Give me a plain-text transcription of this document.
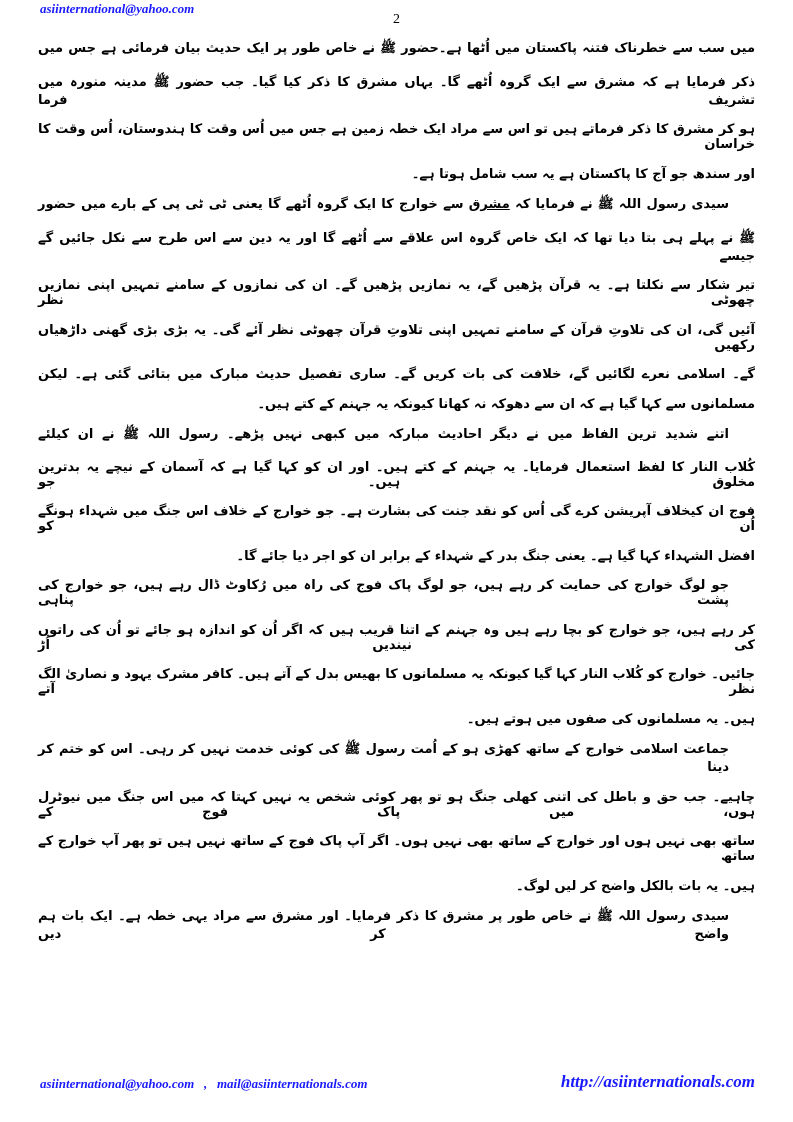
asiinternational@yahoo.com
2
میں سب سے خطرناک فتنہ پاکستان میں اُٹھا ہے۔حضور ﷺ نے خاص طور پر ایک حدیث بیان فرمائی ہے جس میں
ذکر فرمایا ہے کہ مشرق سے ایک گروہ اُٹھے گا۔ یہاں مشرق کا ذکر کیا گیا۔ جب حضور ﷺ مدینہ منورہ میں تشریف فرما
ہو کر مشرق کا ذکر فرماتے ہیں تو اس سے مراد ایک خطہ زمین ہے جس میں اُس وقت کا ہندوستان، اُس وقت کا خراسان
اور سندھ جو آج کا پاکستان ہے یہ سب شامل ہوتا ہے۔
سیدی رسول اللہ ﷺ نے فرمایا کہ مشرق سے خوارج کا ایک گروہ اُٹھے گا یعنی ٹی ٹی پی کے بارے میں حضور
ﷺ نے پہلے ہی بتا دیا تھا کہ ایک خاص گروہ اس علاقے سے اُٹھے گا اور یہ دین سے اس طرح سے نکل جائیں گے جیسے
تیر شکار سے نکلتا ہے۔ یہ قرآن پڑھیں گے، یہ نمازیں پڑھیں گے۔ ان کی نمازوں کے سامنے تمہیں اپنی نمازیں چھوٹی نظر
آئیں گی، ان کی تلاوتِ قرآن کے سامنے تمہیں اپنی تلاوتِ قرآن چھوٹی نظر آئے گی۔ یہ بڑی بڑی گھنی داڑھیاں رکھیں
گے۔ اسلامی نعرے لگائیں گے، خلافت کی بات کریں گے۔ ساری تفصیل حدیث مبارک میں بتائی گئی ہے۔ لیکن
مسلمانوں سے کہا گیا ہے کہ ان سے دھوکہ نہ کھانا کیونکہ یہ جہنم کے کتے ہیں۔
اتنے شدید ترین الفاظ میں نے دیگر احادیث مبارکہ میں کبھی نہیں پڑھے۔ رسول اللہ ﷺ نے ان کیلئے
کُلاب النار کا لفظ استعمال فرمایا۔ یہ جہنم کے کتے ہیں۔ اور ان کو کہا گیا ہے کہ آسمان کے نیچے یہ بدترین مخلوق ہیں۔ جو
فوج ان کیخلاف آپریشن کرے گی اُس کو نقد جنت کی بشارت ہے۔ جو خوارج کے خلاف اس جنگ میں شہداء ہونگے اُن کو
افضل الشہداء کہا گیا ہے۔ یعنی جنگ بدر کے شہداء کے برابر ان کو اجر دیا جائے گا۔
جو لوگ خوارج کی حمایت کر رہے ہیں، جو لوگ پاک فوج کی راہ میں رُکاوٹ ڈال رہے ہیں، جو خوارج کی پشت پناہی
کر رہے ہیں، جو خوارج کو بچا رہے ہیں وہ جہنم کے اتنا قریب ہیں کہ اگر اُن کو اندازہ ہو جائے تو اُن کی راتوں کی نیندیں اُڑ
جائیں۔ خوارج کو کُلاب النار کہا گیا کیونکہ یہ مسلمانوں کا بھیس بدل کے آتے ہیں۔ کافر مشرک یہود و نصاریٰ الگ نظر آتے
ہیں۔ یہ مسلمانوں کی صفوں میں ہوتے ہیں۔
جماعت اسلامی خوارج کے ساتھ کھڑی ہو کے اُمت رسول ﷺ کی کوئی خدمت نہیں کر رہی۔ اس کو ختم کر دینا
چاہیے۔ جب حق و باطل کی اتنی کھلی جنگ ہو تو پھر کوئی شخص یہ نہیں کہتا کہ میں اس جنگ میں نیوٹرل ہوں، میں پاک فوج کے
ساتھ بھی نہیں ہوں اور خوارج کے ساتھ بھی نہیں ہوں۔ اگر آپ پاک فوج کے ساتھ نہیں ہیں تو پھر آپ خوارج کے ساتھ
ہیں۔ یہ بات بالکل واضح کر لیں لوگ۔
سیدی رسول اللہ ﷺ نے خاص طور پر مشرق کا ذکر فرمایا۔ اور مشرق سے مراد یہی خطہ ہے۔ ایک بات ہم واضح کر دیں
asiinternational@yahoo.com   ,   mail@asiinternationals.com	http://asiinternationals.com
